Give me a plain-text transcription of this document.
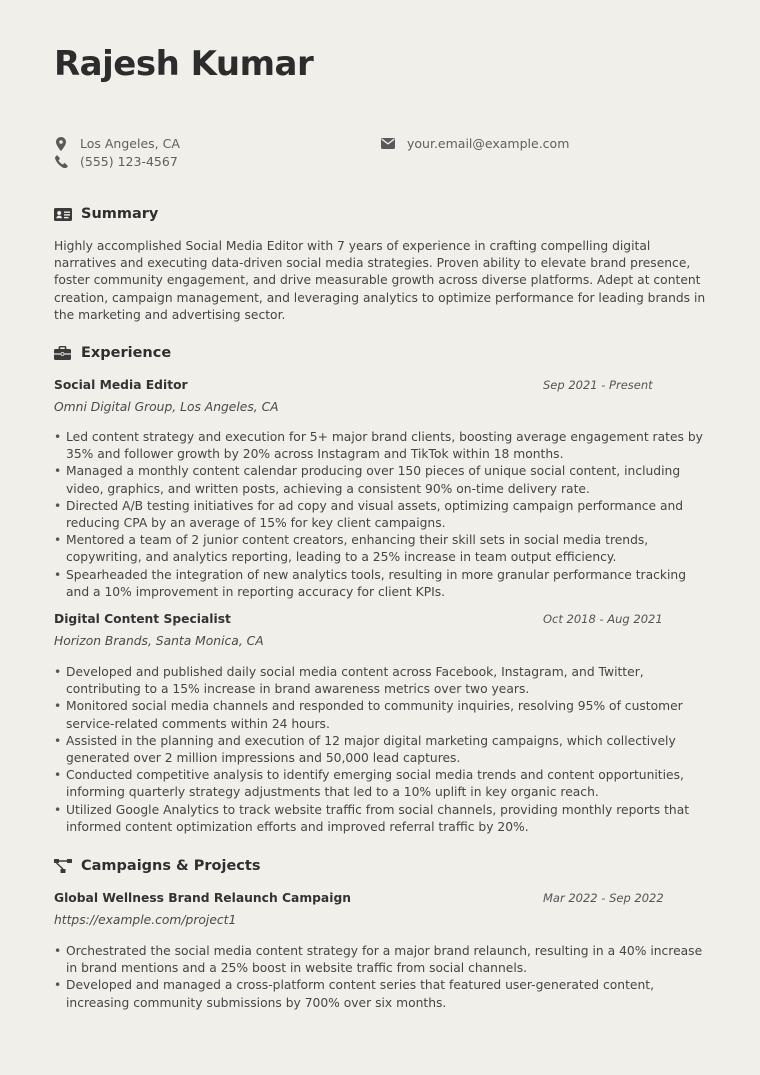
Rajesh Kumar
Los Angeles, CA
(555) 123-4567
your.email@example.com
Summary
Highly accomplished Social Media Editor with 7 years of experience in crafting compelling digital narratives and executing data-driven social media strategies. Proven ability to elevate brand presence, foster community engagement, and drive measurable growth across diverse platforms. Adept at content creation, campaign management, and leveraging analytics to optimize performance for leading brands in the marketing and advertising sector.
Experience
Social Media Editor	Sep 2021 - Present
Omni Digital Group, Los Angeles, CA
• Led content strategy and execution for 5+ major brand clients, boosting average engagement rates by 35% and follower growth by 20% across Instagram and TikTok within 18 months.
• Managed a monthly content calendar producing over 150 pieces of unique social content, including video, graphics, and written posts, achieving a consistent 90% on-time delivery rate.
• Directed A/B testing initiatives for ad copy and visual assets, optimizing campaign performance and reducing CPA by an average of 15% for key client campaigns.
• Mentored a team of 2 junior content creators, enhancing their skill sets in social media trends, copywriting, and analytics reporting, leading to a 25% increase in team output efficiency.
• Spearheaded the integration of new analytics tools, resulting in more granular performance tracking and a 10% improvement in reporting accuracy for client KPIs.
Digital Content Specialist	Oct 2018 - Aug 2021
Horizon Brands, Santa Monica, CA
• Developed and published daily social media content across Facebook, Instagram, and Twitter, contributing to a 15% increase in brand awareness metrics over two years.
• Monitored social media channels and responded to community inquiries, resolving 95% of customer service-related comments within 24 hours.
• Assisted in the planning and execution of 12 major digital marketing campaigns, which collectively generated over 2 million impressions and 50,000 lead captures.
• Conducted competitive analysis to identify emerging social media trends and content opportunities, informing quarterly strategy adjustments that led to a 10% uplift in key organic reach.
• Utilized Google Analytics to track website traffic from social channels, providing monthly reports that informed content optimization efforts and improved referral traffic by 20%.
Campaigns & Projects
Global Wellness Brand Relaunch Campaign	Mar 2022 - Sep 2022
https://example.com/project1
• Orchestrated the social media content strategy for a major brand relaunch, resulting in a 40% increase in brand mentions and a 25% boost in website traffic from social channels.
• Developed and managed a cross-platform content series that featured user-generated content, increasing community submissions by 700% over six months.
